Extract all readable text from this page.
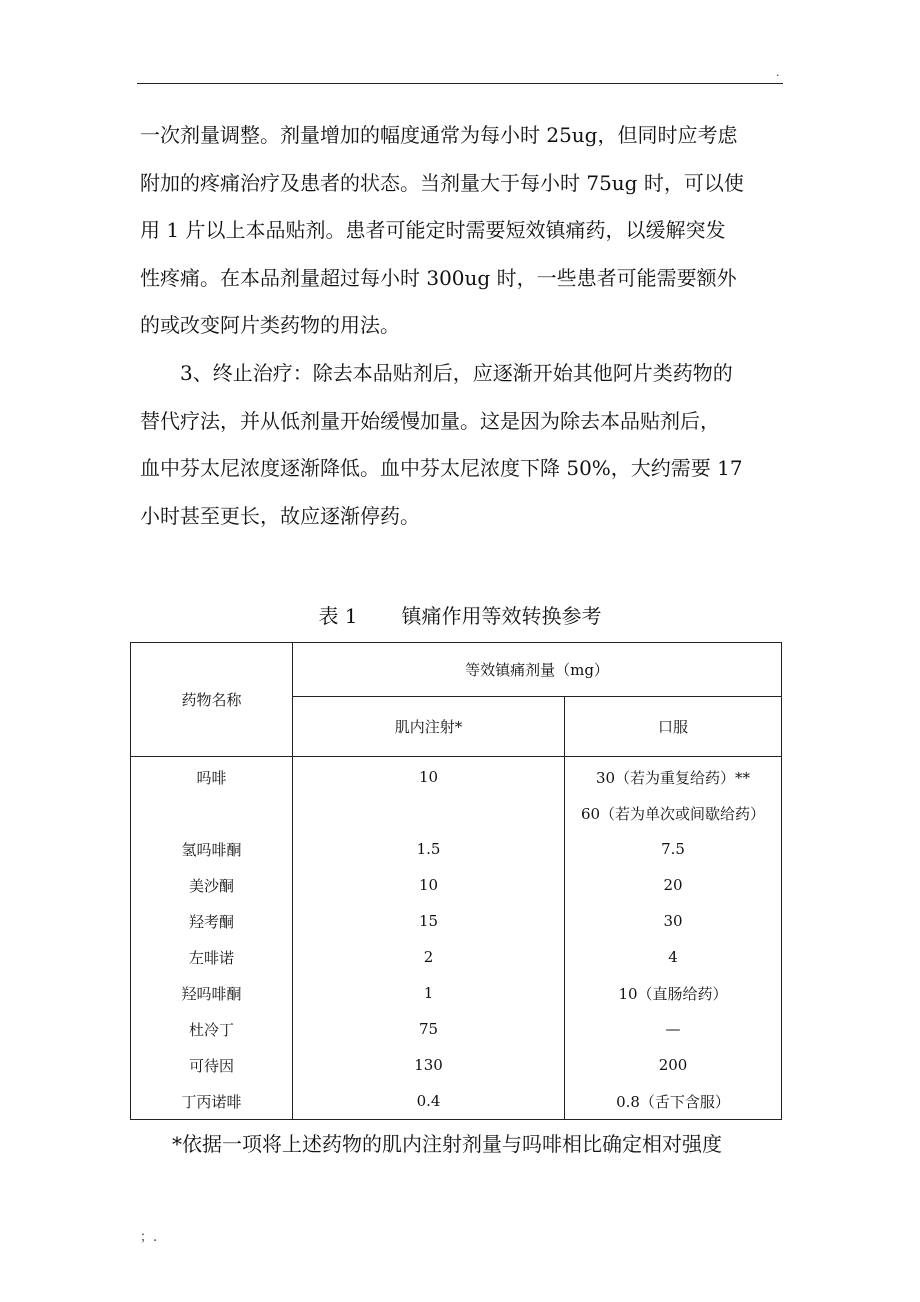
.
一次剂量调整。剂量增加的幅度通常为每小时 25ug，但同时应考虑
附加的疼痛治疗及患者的状态。当剂量大于每小时 75ug 时，可以使
用 1 片以上本品贴剂。患者可能定时需要短效镇痛药，以缓解突发
性疼痛。在本品剂量超过每小时 300ug 时，一些患者可能需要额外
的或改变阿片类药物的用法。
3、终止治疗：除去本品贴剂后，应逐渐开始其他阿片类药物的
替代疗法，并从低剂量开始缓慢加量。这是因为除去本品贴剂后，
血中芬太尼浓度逐渐降低。血中芬太尼浓度下降 50%，大约需要 17
小时甚至更长，故应逐渐停药。
表 1 镇痛作用等效转换参考
药物名称	等效镇痛剂量（mg）	
	肌内注射*	口服
吗啡	10	30（若为重复给药）**
		60（若为单次或间歇给药）
氢吗啡酮	1.5	7.5
美沙酮	10	20
羟考酮	15	30
左啡诺	2	4
羟吗啡酮	1	10（直肠给药）
杜冷丁	75	—
可待因	130	200
丁丙诺啡	0.4	0.8（舌下含服）
*依据一项将上述药物的肌内注射剂量与吗啡相比确定相对强度
；.
